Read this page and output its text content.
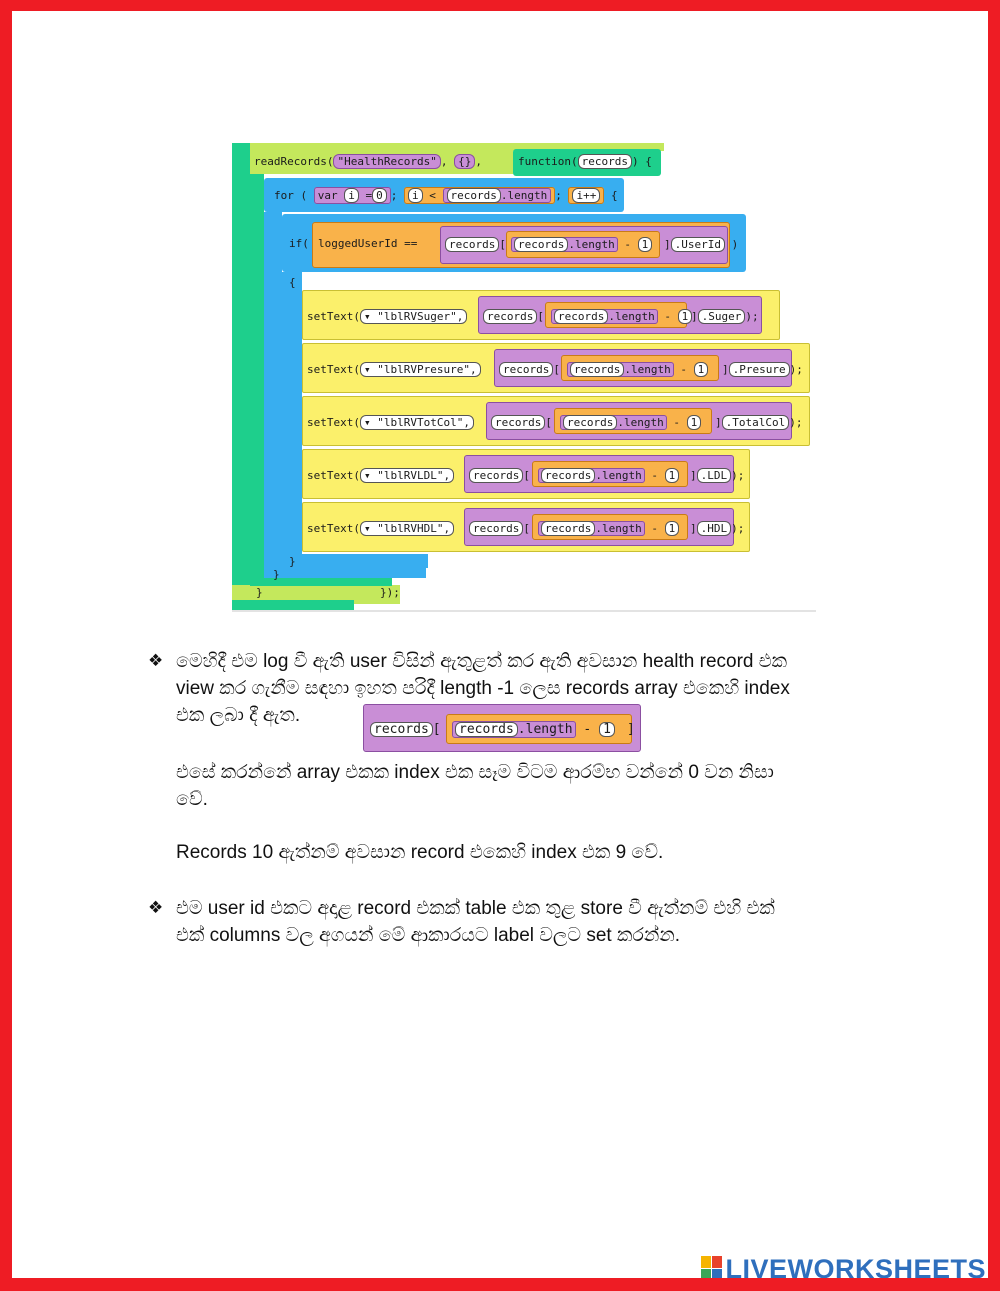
readRecords( "HealthRecords" , {} ,	function( records ) {
for ( var i = 0 ; i < records .length ; i++ {
if( loggedUserId ==	records [	records .length - 1	] .UserId )
{
setText( ▾ "lblRVSuger",	records [	records .length - 1 ] .Suger );
setText( ▾ "lblRVPresure",	records [	records .length - 1	] .Presure );
setText( ▾ "lblRVTotCol",	records [	records .length - 1	] .TotalCol );
setText( ▾ "lblRVLDL",	records [	records .length - 1	] .LDL );
setText( ▾ "lblRVHDL",	records [	records .length - 1	] .HDL );
}
}
}	});
❖ මෙහිදී එම log වී ඇති user විසින් ඇතුළත් කර ඇති අවසාන health record එක
view කර ගැනීම සඳහා ඉහත පරිදී length -1 ලෙස records array එකෙහි index
එක ලබා දී ඇත.
records [	records .length - 1	]
එසේ කරන්නේ array එකක index එක සෑම විටම ආරම්භ වන්නේ 0 වන නිසා
වේ.
Records 10 ඇත්නම් අවසාන record එකෙහි index එක 9 වේ.
❖ එම user id එකට අදාළ record එකක් table එක තුළ store වී ඇත්නම් එහි එක්
එක් columns වල අගයන් මේ ආකාරයට label වලට set කරන්න.
LIVEWORKSHEETS
